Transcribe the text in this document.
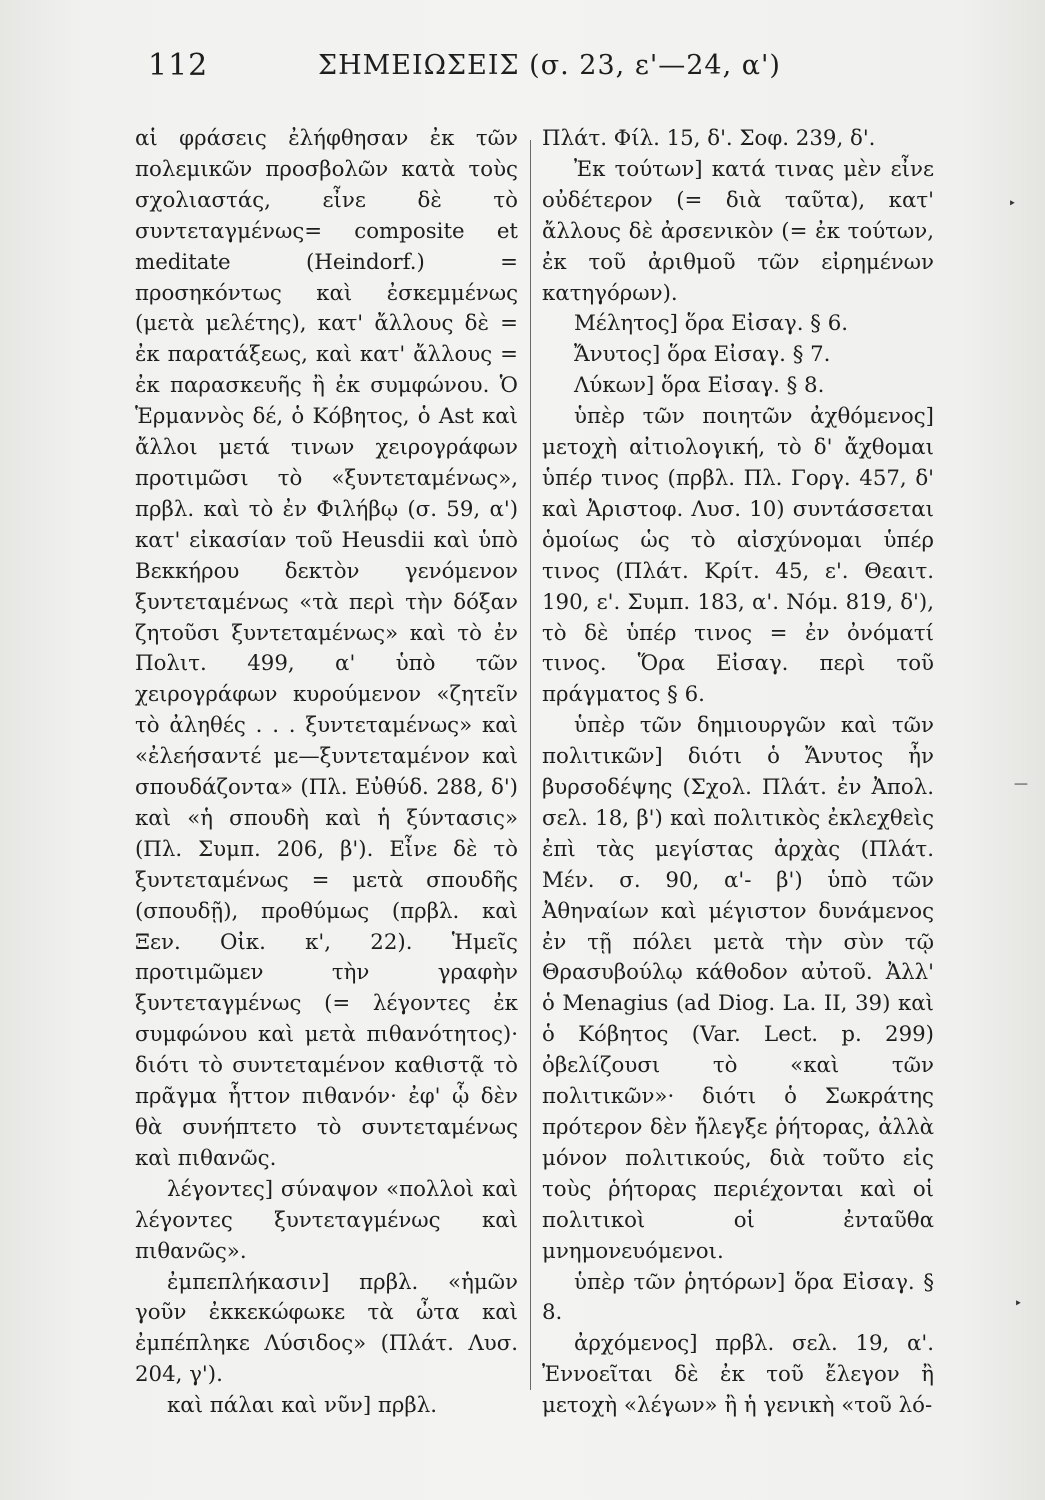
112	ΣΗΜΕΙΩΣΕΙΣ (σ. 23, ε'—24, α')

αἱ φράσεις ἐλήφθησαν ἐκ τῶν πολεμικῶν προσβολῶν κατὰ τοὺς σχολιαστάς, εἶνε δὲ τὸ συντεταγμένως= composite et meditate (Heindorf.) = προσηκόντως καὶ ἐσκεμμένως (μετὰ μελέτης), κατ' ἄλλους δὲ = ἐκ παρατάξεως, καὶ κατ' ἄλλους = ἐκ παρασκευῆς ἢ ἐκ συμφώνου. Ὁ Ἑρμαννὸς δέ, ὁ Κόβητος, ὁ Ast καὶ ἄλλοι μετά τινων χειρογράφων προτιμῶσι τὸ «ξυντεταμένως», πρβλ. καὶ τὸ ἐν Φιλήβῳ (σ. 59, α') κατ' εἰκασίαν τοῦ Heusdii καὶ ὑπὸ Βεκκήρου δεκτὸν γενόμενον ξυντεταμένως «τὰ περὶ τὴν δόξαν ζητοῦσι ξυντεταμένως» καὶ τὸ ἐν Πολιτ. 499, α' ὑπὸ τῶν χειρογράφων κυρούμενον «ζητεῖν τὸ ἀληθές . . . ξυντεταμένως» καὶ «ἐλεήσαντέ με—ξυντεταμένον καὶ σπουδάζοντα» (Πλ. Εὐθύδ. 288, δ') καὶ «ἡ σπουδὴ καὶ ἡ ξύντασις» (Πλ. Συμπ. 206, β'). Εἶνε δὲ τὸ ξυντεταμένως = μετὰ σπουδῆς (σπουδῇ), προθύμως (πρβλ. καὶ Ξεν. Οἰκ. κ', 22). Ἡμεῖς προτιμῶμεν τὴν γραφὴν ξυντεταγμένως (= λέγοντες ἐκ συμφώνου καὶ μετὰ πιθανότητος)· διότι τὸ συντεταμένον καθιστᾷ τὸ πρᾶγμα ἧττον πιθανόν· ἐφ' ᾧ δὲν θὰ συνήπτετο τὸ συντεταμένως καὶ πιθανῶς.

λέγοντες] σύναψον «πολλοὶ καὶ λέγοντες ξυντεταγμένως καὶ πιθανῶς».

ἐμπεπλήκασιν] πρβλ. «ἡμῶν γοῦν ἐκκεκώφωκε τὰ ὦτα καὶ ἐμπέπληκε Λύσιδος» (Πλάτ. Λυσ. 204, γ').

καὶ πάλαι καὶ νῦν] πρβλ.

Πλάτ. Φίλ. 15, δ'. Σοφ. 239, δ'.

Ἐκ τούτων] κατά τινας μὲν εἶνε οὐδέτερον (= διὰ ταῦτα), κατ' ἄλλους δὲ ἀρσενικὸν (= ἐκ τούτων, ἐκ τοῦ ἀριθμοῦ τῶν εἰρημένων κατηγόρων).

Μέλητος] ὅρα Εἰσαγ. § 6.

Ἄνυτος] ὅρα Εἰσαγ. § 7.

Λύκων] ὅρα Εἰσαγ. § 8.

ὑπὲρ τῶν ποιητῶν ἀχθόμενος] μετοχὴ αἰτιολογική, τὸ δ' ἄχθομαι ὑπέρ τινος (πρβλ. Πλ. Γοργ. 457, δ' καὶ Ἀριστοφ. Λυσ. 10) συντάσσεται ὁμοίως ὡς τὸ αἰσχύνομαι ὑπέρ τινος (Πλάτ. Κρίτ. 45, ε'. Θεαιτ. 190, ε'. Συμπ. 183, α'. Νόμ. 819, δ'), τὸ δὲ ὑπέρ τινος = ἐν ὀνόματί τινος. Ὅρα Εἰσαγ. περὶ τοῦ πράγματος § 6.

ὑπὲρ τῶν δημιουργῶν καὶ τῶν πολιτικῶν] διότι ὁ Ἄνυτος ἦν βυρσοδέψης (Σχολ. Πλάτ. ἐν Ἀπολ. σελ. 18, β') καὶ πολιτικὸς ἐκλεχθεὶς ἐπὶ τὰς μεγίστας ἀρχὰς (Πλάτ. Μέν. σ. 90, α'- β') ὑπὸ τῶν Ἀθηναίων καὶ μέγιστον δυνάμενος ἐν τῇ πόλει μετὰ τὴν σὺν τῷ Θρασυβούλῳ κάθοδον αὐτοῦ. Ἀλλ' ὁ Menagius (ad Diog. La. II, 39) καὶ ὁ Κόβητος (Var. Lect. p. 299) ὀβελίζουσι τὸ «καὶ τῶν πολιτικῶν»· διότι ὁ Σωκράτης πρότερον δὲν ἤλεγξε ῥήτορας, ἀλλὰ μόνον πολιτικούς, διὰ τοῦτο εἰς τοὺς ῥήτορας περιέχονται καὶ οἱ πολιτικοὶ οἱ ἐνταῦθα μνημονευόμενοι.

ὑπὲρ τῶν ῥητόρων] ὅρα Εἰσαγ. § 8.

ἀρχόμενος] πρβλ. σελ. 19, α'. Ἐννοεῖται δὲ ἐκ τοῦ ἔλεγον ἢ μετοχὴ «λέγων» ἢ ἡ γενικὴ «τοῦ λό-

‣
—
‣
